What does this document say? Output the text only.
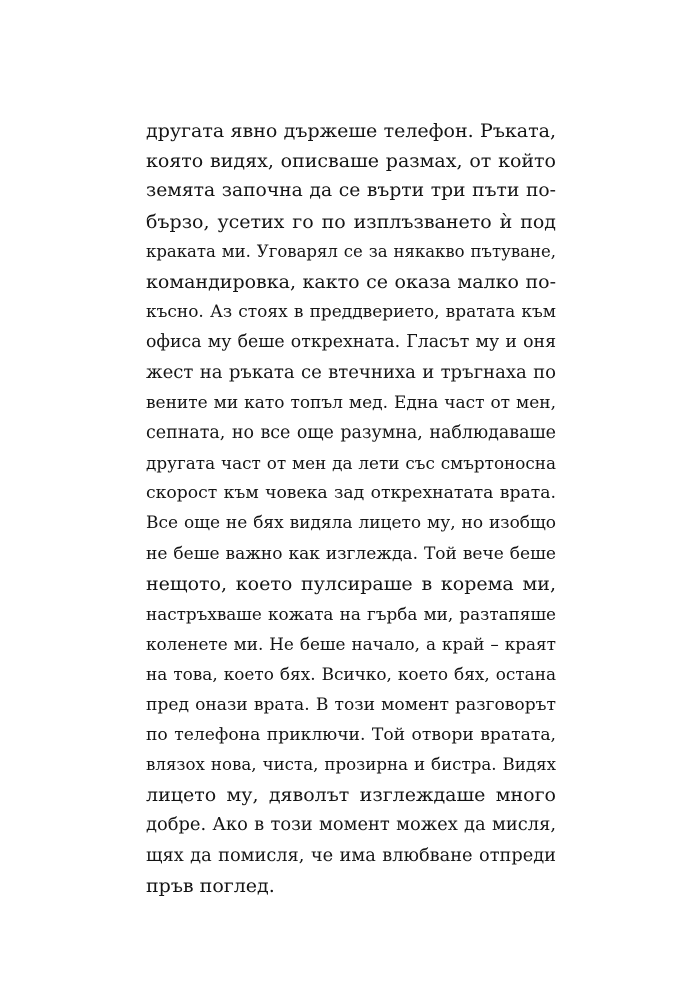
другата явно държеше телефон. Ръката,
която видях, описваше размах, от който
земята започна да се върти три пъти по-
бързо, усетих го по изплъзването ѝ под
краката ми. Уговарял се за някакво пътуване,
командировка, както се оказа малко по-
късно. Аз стоях в преддверието, вратата към
офиса му беше открехната. Гласът му и оня
жест на ръката се втечниха и тръгнаха по
вените ми като топъл мед. Една част от мен,
сепната, но все още разумна, наблюдаваше
другата част от мен да лети със смъртоносна
скорост към човека зад открехнатата врата.
Все още не бях видяла лицето му, но изобщо
не беше важно как изглежда. Той вече беше
нещото, което пулсираше в корема ми,
настръхваше кожата на гърба ми, разтапяше
коленете ми. Не беше начало, а край – краят
на това, което бях. Всичко, което бях, остана
пред онази врата. В този момент разговорът
по телефона приключи. Той отвори вратата,
влязох нова, чиста, прозирна и бистра. Видях
лицето му, дяволът изглеждаше много
добре. Ако в този момент можех да мисля,
щях да помисля, че има влюбване отпреди
пръв поглед.
